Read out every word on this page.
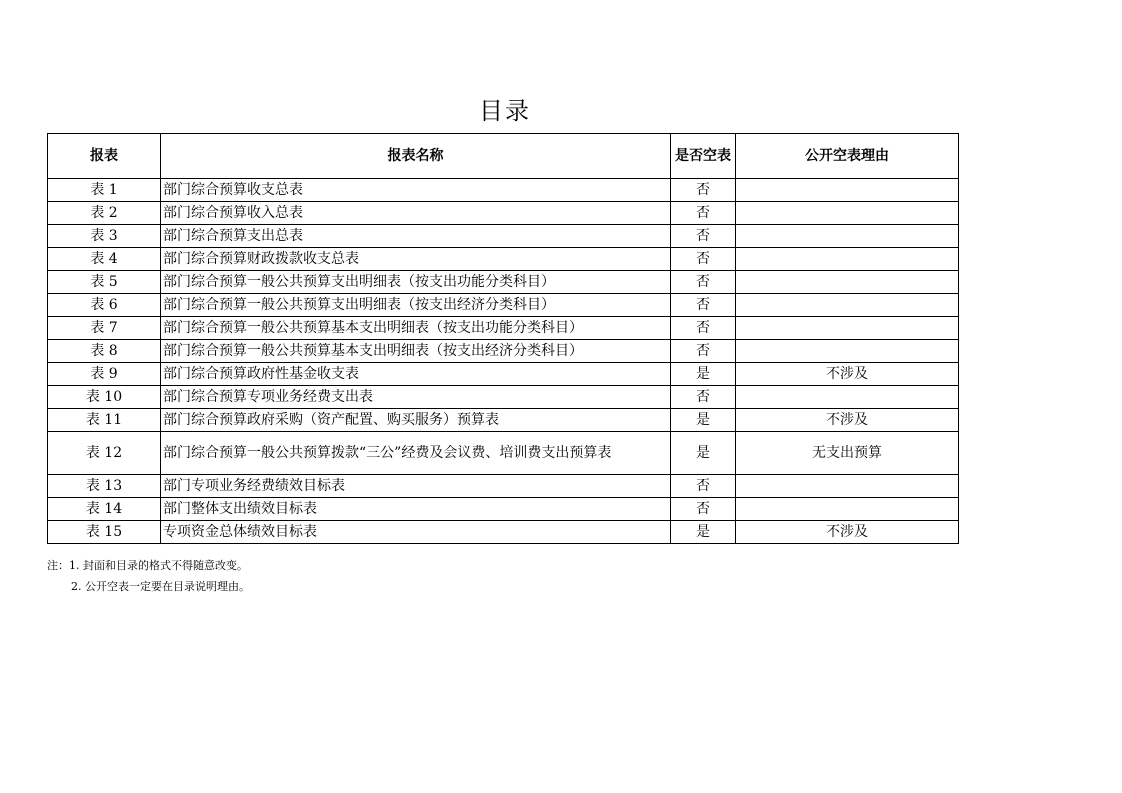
目录
报表	报表名称	是否空表	公开空表理由
表 1	部门综合预算收支总表	否	
表 2	部门综合预算收入总表	否	
表 3	部门综合预算支出总表	否	
表 4	部门综合预算财政拨款收支总表	否	
表 5	部门综合预算一般公共预算支出明细表（按支出功能分类科目）	否	
表 6	部门综合预算一般公共预算支出明细表（按支出经济分类科目）	否	
表 7	部门综合预算一般公共预算基本支出明细表（按支出功能分类科目）	否	
表 8	部门综合预算一般公共预算基本支出明细表（按支出经济分类科目）	否	
表 9	部门综合预算政府性基金收支表	是	不涉及
表 10	部门综合预算专项业务经费支出表	否	
表 11	部门综合预算政府采购（资产配置、购买服务）预算表	是	不涉及
表 12	部门综合预算一般公共预算拨款“三公”经费及会议费、培训费支出预算表	是	无支出预算
表 13	部门专项业务经费绩效目标表	否	
表 14	部门整体支出绩效目标表	否	
表 15	专项资金总体绩效目标表	是	不涉及
注：1. 封面和目录的格式不得随意改变。
2. 公开空表一定要在目录说明理由。
